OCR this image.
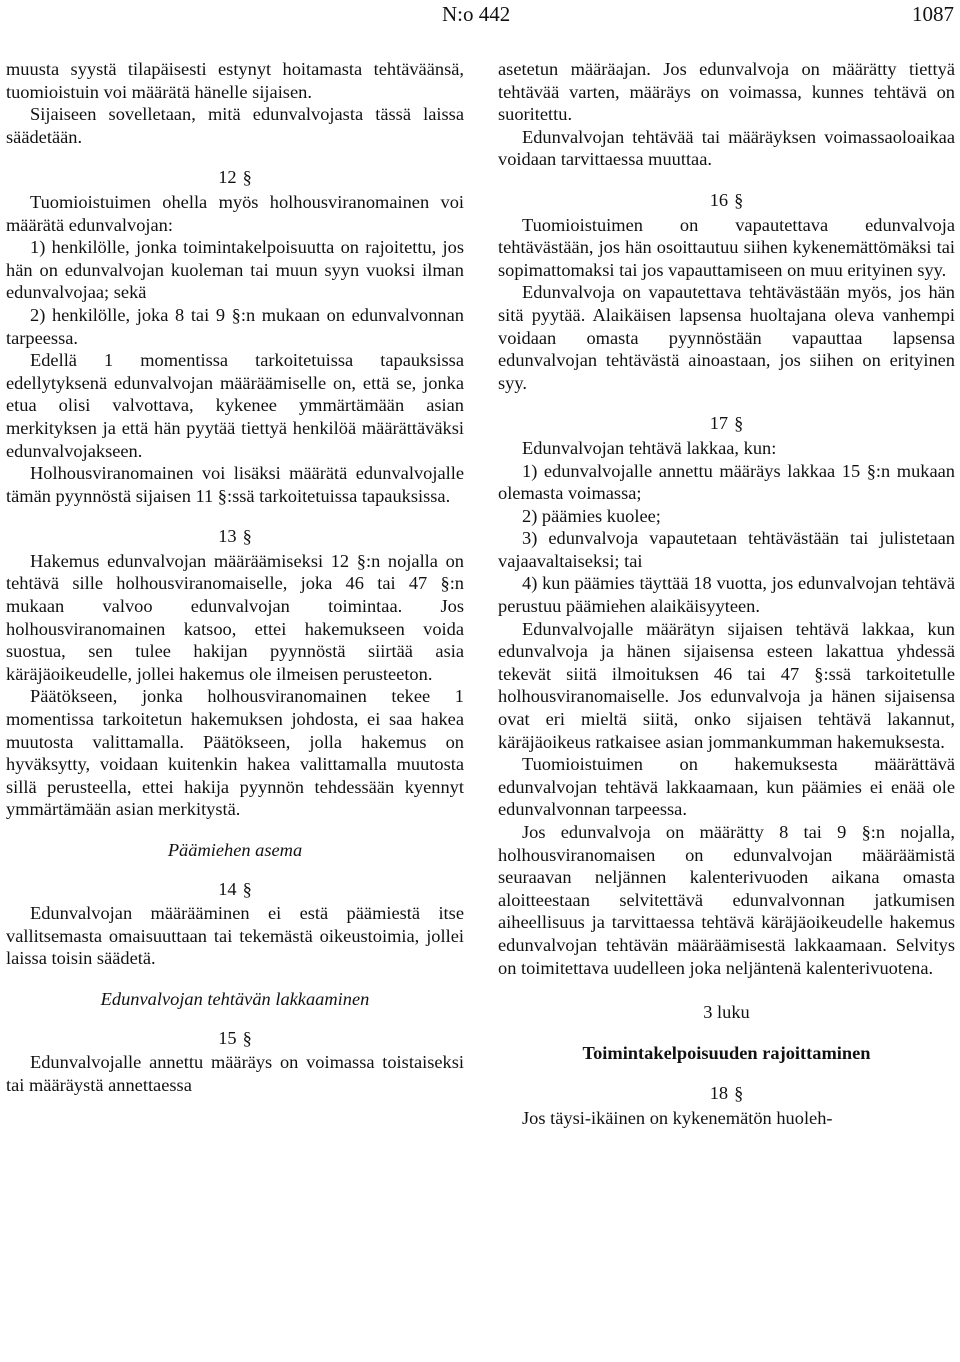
N:o 442	1087

muusta syystä tilapäisesti estynyt hoitamasta tehtäväänsä, tuomioistuin voi määrätä hänelle sijaisen.

Sijaiseen sovelletaan, mitä edunvalvojasta tässä laissa säädetään.

12 §

Tuomioistuimen ohella myös holhousviranomainen voi määrätä edunvalvojan:

1) henkilölle, jonka toimintakelpoisuutta on rajoitettu, jos hän on edunvalvojan kuoleman tai muun syyn vuoksi ilman edunvalvojaa; sekä

2) henkilölle, joka 8 tai 9 §:n mukaan on edunvalvonnan tarpeessa.

Edellä 1 momentissa tarkoitetuissa tapauksissa edellytyksenä edunvalvojan määräämiselle on, että se, jonka etua olisi valvottava, kykenee ymmärtämään asian merkityksen ja että hän pyytää tiettyä henkilöä määrättäväksi edunvalvojakseen.

Holhousviranomainen voi lisäksi määrätä edunvalvojalle tämän pyynnöstä sijaisen 11 §:ssä tarkoitetuissa tapauksissa.

13 §

Hakemus edunvalvojan määräämiseksi 12 §:n nojalla on tehtävä sille holhousviranomaiselle, joka 46 tai 47 §:n mukaan valvoo edunvalvojan toimintaa. Jos holhousviranomainen katsoo, ettei hakemukseen voida suostua, sen tulee hakijan pyynnöstä siirtää asia käräjäoikeudelle, jollei hakemus ole ilmeisen perusteeton.

Päätökseen, jonka holhousviranomainen tekee 1 momentissa tarkoitetun hakemuksen johdosta, ei saa hakea muutosta valittamalla. Päätökseen, jolla hakemus on hyväksytty, voidaan kuitenkin hakea valittamalla muutosta sillä perusteella, ettei hakija pyynnön tehdessään kyennyt ymmärtämään asian merkitystä.

Päämiehen asema
14 §

Edunvalvojan määrääminen ei estä päämiestä itse vallitsemasta omaisuuttaan tai tekemästä oikeustoimia, jollei laissa toisin säädetä.

Edunvalvojan tehtävän lakkaaminen
15 §

Edunvalvojalle annettu määräys on voimassa toistaiseksi tai määräystä annettaessa

asetetun määräajan. Jos edunvalvoja on määrätty tiettyä tehtävää varten, määräys on voimassa, kunnes tehtävä on suoritettu.

Edunvalvojan tehtävää tai määräyksen voimassaoloaikaa voidaan tarvittaessa muuttaa.

16 §

Tuomioistuimen on vapautettava edunvalvoja tehtävästään, jos hän osoittautuu siihen kykenemättömäksi tai sopimattomaksi tai jos vapauttamiseen on muu erityinen syy.

Edunvalvoja on vapautettava tehtävästään myös, jos hän sitä pyytää. Alaikäisen lapsensa huoltajana oleva vanhempi voidaan omasta pyynnöstään vapauttaa lapsensa edunvalvojan tehtävästä ainoastaan, jos siihen on erityinen syy.

17 §

Edunvalvojan tehtävä lakkaa, kun:

1) edunvalvojalle annettu määräys lakkaa 15 §:n mukaan olemasta voimassa;

2) päämies kuolee;

3) edunvalvoja vapautetaan tehtävästään tai julistetaan vajaavaltaiseksi; tai

4) kun päämies täyttää 18 vuotta, jos edunvalvojan tehtävä perustuu päämiehen alaikäisyyteen.

Edunvalvojalle määrätyn sijaisen tehtävä lakkaa, kun edunvalvoja ja hänen sijaisensa esteen lakattua yhdessä tekevät siitä ilmoituksen 46 tai 47 §:ssä tarkoitetulle holhousviranomaiselle. Jos edunvalvoja ja hänen sijaisensa ovat eri mieltä siitä, onko sijaisen tehtävä lakannut, käräjäoikeus ratkaisee asian jommankumman hakemuksesta.

Tuomioistuimen on hakemuksesta määrättävä edunvalvojan tehtävä lakkaamaan, kun päämies ei enää ole edunvalvonnan tarpeessa.

Jos edunvalvoja on määrätty 8 tai 9 §:n nojalla, holhousviranomaisen on edunvalvojan määräämistä seuraavan neljännen kalenterivuoden aikana omasta aloitteestaan selvitettävä edunvalvonnan jatkumisen aiheellisuus ja tarvittaessa tehtävä käräjäoikeudelle hakemus edunvalvojan tehtävän määräämisestä lakkaamaan. Selvitys on toimitettava uudelleen joka neljäntenä kalenterivuotena.

3 luku
Toimintakelpoisuuden rajoittaminen
18 §

Jos täysi-ikäinen on kykenemätön huoleh-
